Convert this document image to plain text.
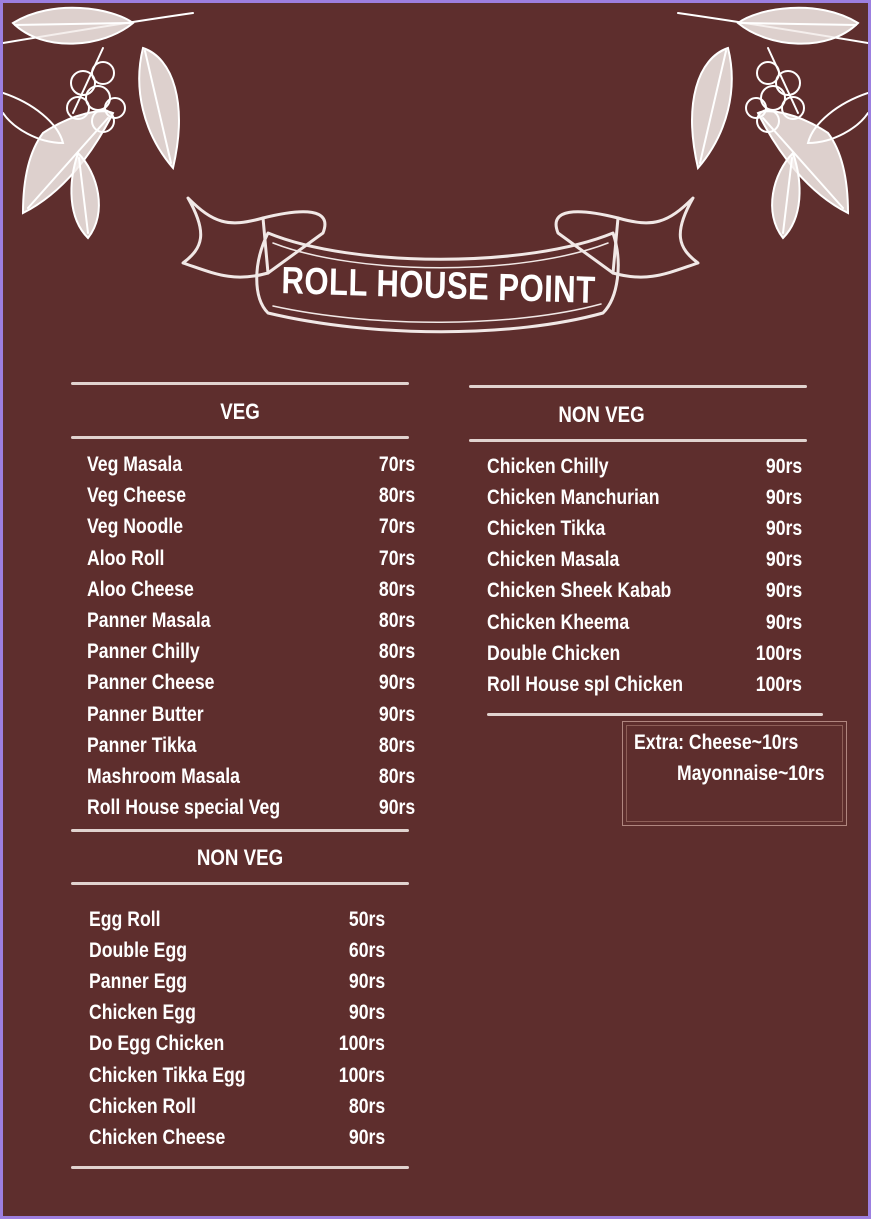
ROLL HOUSE POINT
VEG
Veg Masala	70rs
Veg Cheese	80rs
Veg Noodle	70rs
Aloo Roll	70rs
Aloo Cheese	80rs
Panner Masala	80rs
Panner Chilly	80rs
Panner Cheese	90rs
Panner Butter	90rs
Panner Tikka	80rs
Mashroom Masala	80rs
Roll House special Veg	90rs
NON VEG
Egg Roll	50rs
Double Egg	60rs
Panner Egg	90rs
Chicken Egg	90rs
Do Egg Chicken	100rs
Chicken Tikka Egg	100rs
Chicken Roll	80rs
Chicken Cheese	90rs
NON VEG
Chicken Chilly	90rs
Chicken Manchurian	90rs
Chicken Tikka	90rs
Chicken Masala	90rs
Chicken Sheek Kabab	90rs
Chicken Kheema	90rs
Double Chicken	100rs
Roll House spl Chicken	100rs
Extra: Cheese~10rs
Mayonnaise~10rs
